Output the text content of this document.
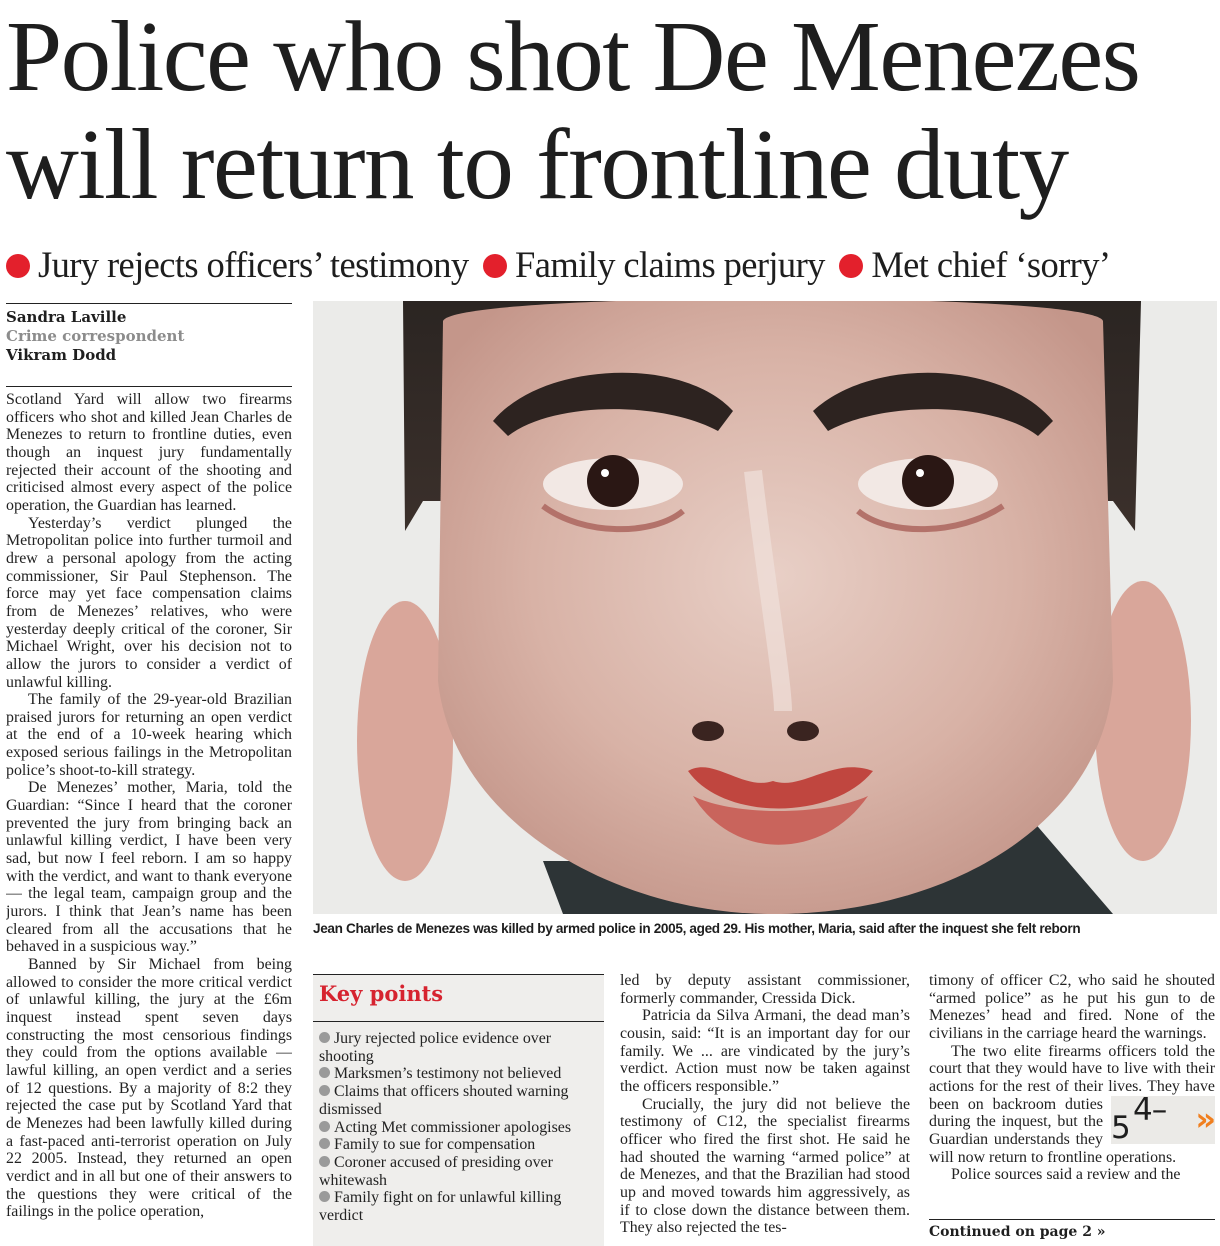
Police who shot De Menezes
will return to frontline duty
Jury rejects officers’ testimony Family claims perjury Met chief ‘sorry’
Sandra Laville
Crime correspondent
Vikram Dodd

Scotland Yard will allow two firearms officers who shot and killed Jean Charles de Menezes to return to frontline duties, even though an inquest jury fundamentally rejected their account of the shooting and criticised almost every aspect of the police operation, the Guardian has learned.

Yesterday’s verdict plunged the Metropolitan police into further turmoil and drew a personal apology from the acting commissioner, Sir Paul Stephenson. The force may yet face compensation claims from de Menezes’ relatives, who were yesterday deeply critical of the coroner, Sir Michael Wright, over his decision not to allow the jurors to consider a verdict of unlawful killing.

The family of the 29-year-old Brazilian praised jurors for returning an open verdict at the end of a 10-week hearing which exposed serious failings in the Metropolitan police’s shoot-to-kill strategy.

De Menezes’ mother, Maria, told the Guardian: “Since I heard that the coroner prevented the jury from bringing back an unlawful killing verdict, I have been very sad, but now I feel reborn. I am so happy with the verdict, and want to thank everyone — the legal team, campaign group and the jurors. I think that Jean’s name has been cleared from all the accusations that he behaved in a suspicious way.”

Banned by Sir Michael from being allowed to consider the more critical verdict of unlawful killing, the jury at the £6m inquest instead spent seven days constructing the most censorious findings they could from the options available — lawful killing, an open verdict and a series of 12 questions. By a majority of 8:2 they rejected the case put by Scotland Yard that de Menezes had been lawfully killed during a fast-paced anti-terrorist operation on July 22 2005. Instead, they returned an open verdict and in all but one of their answers to the questions they were critical of the failings in the police operation,

Jean Charles de Menezes was killed by armed police in 2005, aged 29. His mother, Maria, said after the inquest she felt reborn
Key points
Jury rejected police evidence over shooting
Marksmen’s testimony not believed
Claims that officers shouted warning dismissed
Acting Met commissioner apologises
Family to sue for compensation
Coroner accused of presiding over whitewash
Family fight on for unlawful killing verdict

led by deputy assistant commissioner, formerly commander, Cressida Dick.

Patricia da Silva Armani, the dead man’s cousin, said: “It is an important day for our family. We ... are vindicated by the jury’s verdict. Action must now be taken against the officers responsible.”

Crucially, the jury did not believe the testimony of C12, the specialist firearms officer who fired the first shot. He said he had shouted the warning “armed police” at de Menezes, and that the Brazilian had stood up and moved towards him aggressively, as if to close down the distance between them. They also rejected the tes-

timony of officer C2, who said he shouted “armed police” as he put his gun to de Menezes’ head and fired. None of the civilians in the carriage heard the warnings.

4–5	»
The two elite firearms officers told the court that they would have to live with their actions for the rest of their lives. They have been on backroom duties during the inquest, but the Guardian understands they will now return to frontline operations.

Police sources said a review and the

Continued on page 2 »
